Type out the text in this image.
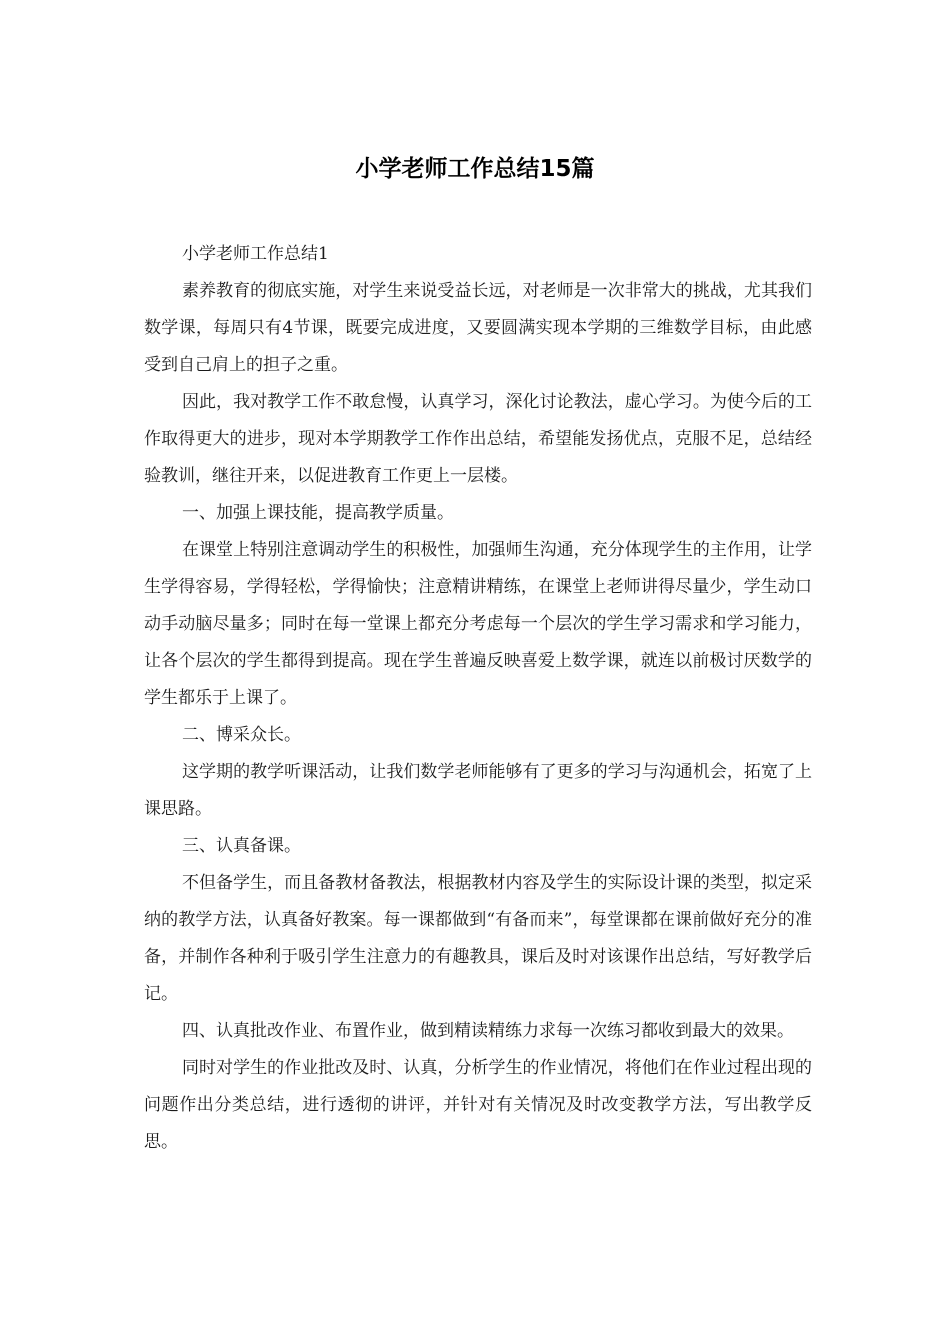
小学老师工作总结15篇

小学老师工作总结1

素养教育的彻底实施，对学生来说受益长远，对老师是一次非常大的挑战，尤其我们数学课，每周只有4节课，既要完成进度，又要圆满实现本学期的三维数学目标，由此感受到自己肩上的担子之重。

因此，我对教学工作不敢怠慢，认真学习，深化讨论教法，虚心学习。为使今后的工作取得更大的进步，现对本学期教学工作作出总结，希望能发扬优点，克服不足，总结经验教训，继往开来，以促进教育工作更上一层楼。

一、加强上课技能，提高教学质量。

在课堂上特别注意调动学生的积极性，加强师生沟通，充分体现学生的主作用，让学生学得容易，学得轻松，学得愉快；注意精讲精练，在课堂上老师讲得尽量少，学生动口动手动脑尽量多；同时在每一堂课上都充分考虑每一个层次的学生学习需求和学习能力，让各个层次的学生都得到提高。现在学生普遍反映喜爱上数学课，就连以前极讨厌数学的学生都乐于上课了。

二、博采众长。

这学期的教学听课活动，让我们数学老师能够有了更多的学习与沟通机会，拓宽了上课思路。

三、认真备课。

不但备学生，而且备教材备教法，根据教材内容及学生的实际设计课的类型，拟定采纳的教学方法，认真备好教案。每一课都做到“有备而来”，每堂课都在课前做好充分的准备，并制作各种利于吸引学生注意力的有趣教具，课后及时对该课作出总结，写好教学后记。

四、认真批改作业、布置作业，做到精读精练力求每一次练习都收到最大的效果。

同时对学生的作业批改及时、认真，分析学生的作业情况，将他们在作业过程出现的问题作出分类总结，进行透彻的讲评，并针对有关情况及时改变教学方法，写出教学反思。
